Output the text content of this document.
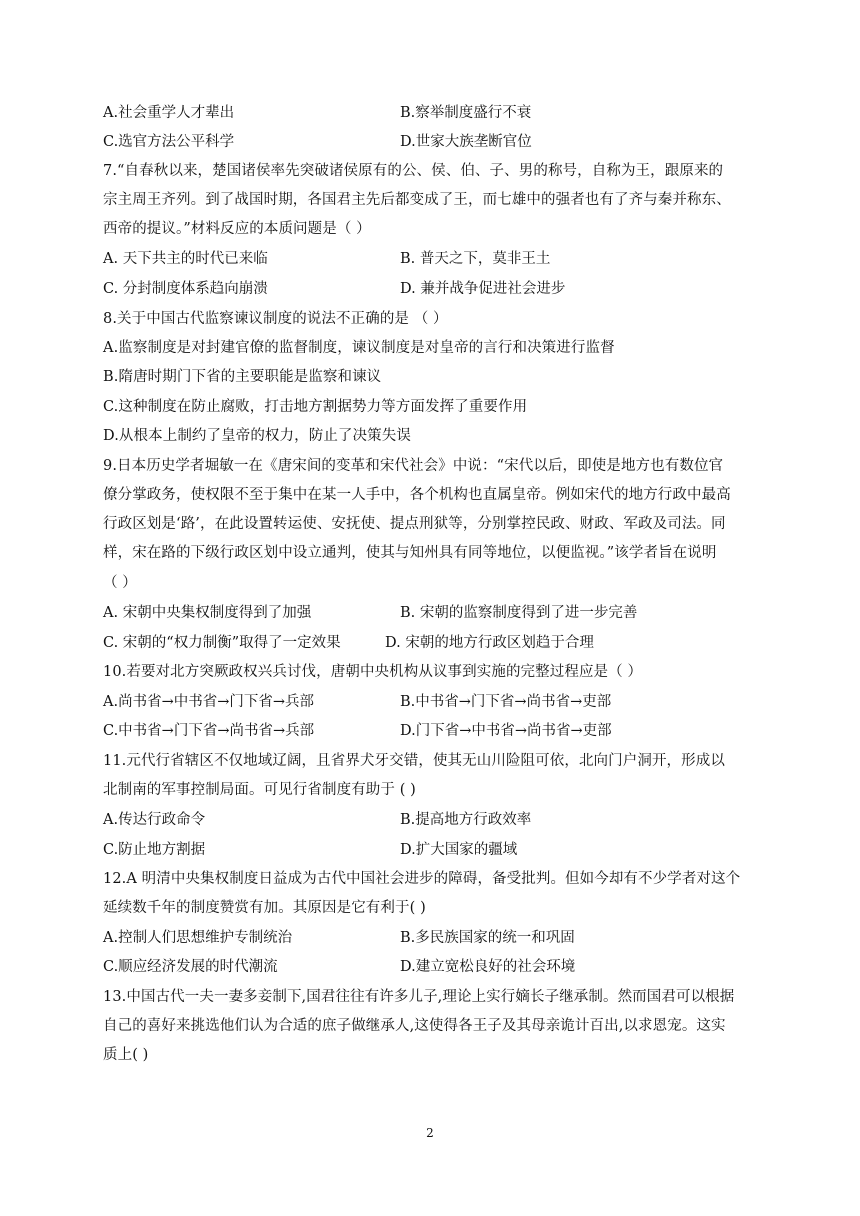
A.社会重学人才辈出	B.察举制度盛行不衰
C.选官方法公平科学	D.世家大族垄断官位
7.“自春秋以来，楚国诸侯率先突破诸侯原有的公、侯、伯、子、男的称号，自称为王，跟原来的
宗主周王齐列。到了战国时期，各国君主先后都变成了王，而七雄中的强者也有了齐与秦并称东、
西帝的提议。”材料反应的本质问题是（ ）
A. 天下共主的时代已来临	B. 普天之下，莫非王土
C. 分封制度体系趋向崩溃	D. 兼并战争促进社会进步
8.关于中国古代监察谏议制度的说法不正确的是 （ ）
A.监察制度是对封建官僚的监督制度，谏议制度是对皇帝的言行和决策进行监督
B.隋唐时期门下省的主要职能是监察和谏议
C.这种制度在防止腐败，打击地方割据势力等方面发挥了重要作用
D.从根本上制约了皇帝的权力，防止了决策失误
9.日本历史学者堀敏一在《唐宋间的变革和宋代社会》中说：“宋代以后，即使是地方也有数位官
僚分掌政务，使权限不至于集中在某一人手中，各个机构也直属皇帝。例如宋代的地方行政中最高
行政区划是‘路’，在此设置转运使、安抚使、提点刑狱等，分别掌控民政、财政、军政及司法。同
样，宋在路的下级行政区划中设立通判，使其与知州具有同等地位，以便监视。”该学者旨在说明
（ ）
A. 宋朝中央集权制度得到了加强	B. 宋朝的监察制度得到了进一步完善
C. 宋朝的“权力制衡”取得了一定效果	D. 宋朝的地方行政区划趋于合理
10.若要对北方突厥政权兴兵讨伐，唐朝中央机构从议事到实施的完整过程应是（ ）
A.尚书省→中书省→门下省→兵部	B.中书省→门下省→尚书省→吏部
C.中书省→门下省→尚书省→兵部	D.门下省→中书省→尚书省→吏部
11.元代行省辖区不仅地域辽阔，且省界犬牙交错，使其无山川险阻可依，北向门户洞开，形成以
北制南的军事控制局面。可见行省制度有助于 ( )
A.传达行政命令	B.提高地方行政效率
C.防止地方割据	D.扩大国家的疆域
12.A 明清中央集权制度日益成为古代中国社会进步的障碍，备受批判。但如今却有不少学者对这个
延续数千年的制度赞赏有加。其原因是它有利于( )
A.控制人们思想维护专制统治	B.多民族国家的统一和巩固
C.顺应经济发展的时代潮流	D.建立宽松良好的社会环境
13.中国古代一夫一妻多妾制下,国君往往有许多儿子,理论上实行嫡长子继承制。然而国君可以根据
自己的喜好来挑选他们认为合适的庶子做继承人,这使得各王子及其母亲诡计百出,以求恩宠。这实
质上( )
2
